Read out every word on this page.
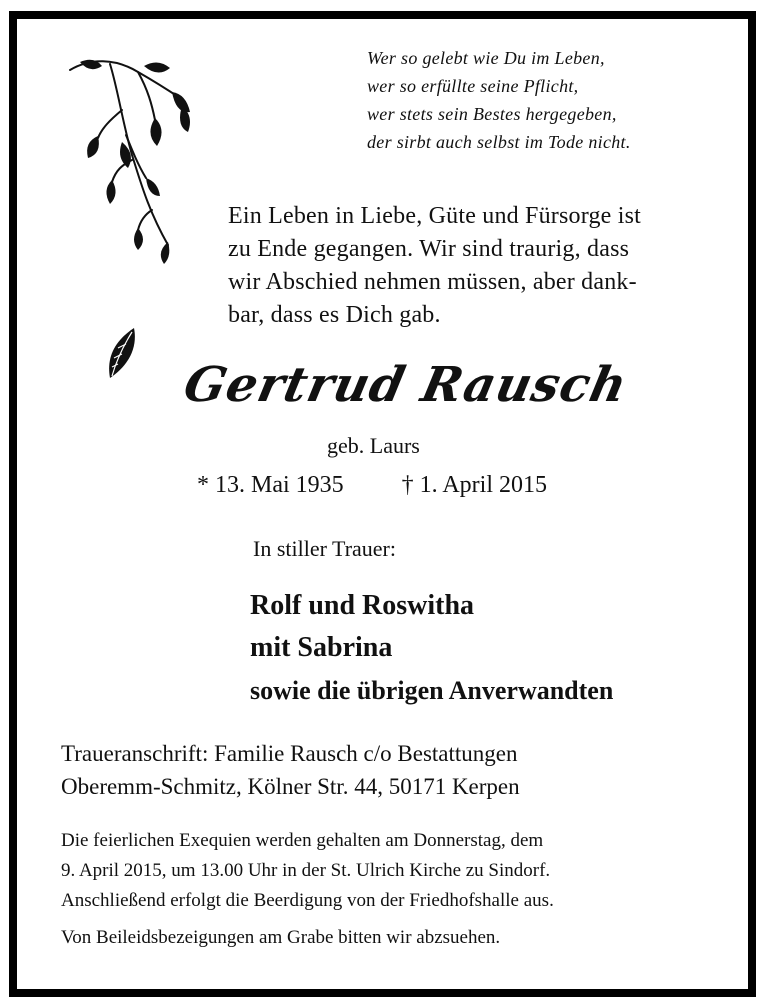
Wer so gelebt wie Du im Leben,
wer so erfüllte seine Pflicht,
wer stets sein Bestes hergegeben,
der sirbt auch selbst im Tode nicht.
Ein Leben in Liebe, Güte und Fürsorge ist
zu Ende gegangen. Wir sind traurig, dass
wir Abschied nehmen müssen, aber dank-
bar, dass es Dich gab.
Gertrud Rausch
geb. Laurs
* 13. Mai 1935 † 1. April 2015
In stiller Trauer:
Rolf und Roswitha
mit Sabrina
sowie die übrigen Anverwandten
Traueranschrift: Familie Rausch c/o Bestattungen
Oberemm-Schmitz, Kölner Str. 44, 50171 Kerpen
Die feierlichen Exequien werden gehalten am Donnerstag, dem
9. April 2015, um 13.00 Uhr in der St. Ulrich Kirche zu Sindorf.
Anschließend erfolgt die Beerdigung von der Friedhofshalle aus.
Von Beileidsbezeigungen am Grabe bitten wir abzsuehen.
